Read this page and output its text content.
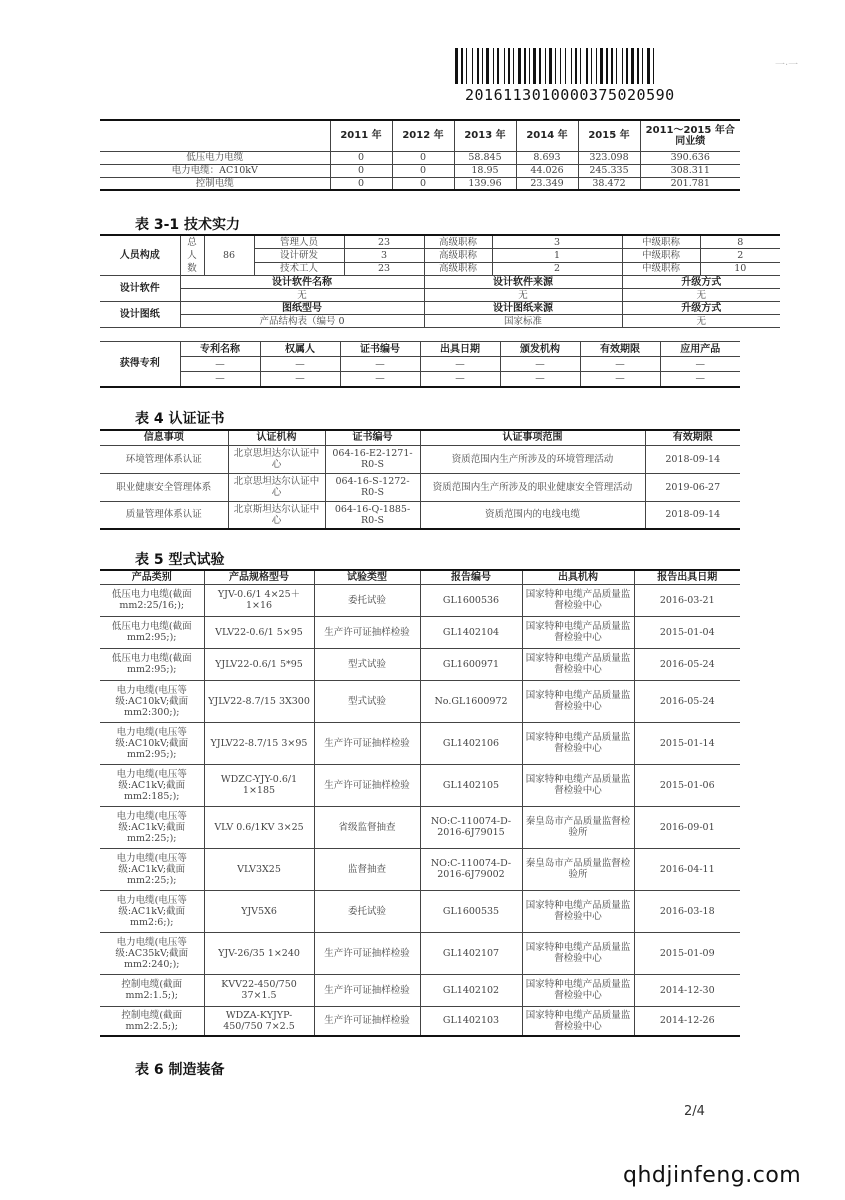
2016113010000375020590
一·一
	2011 年	2012 年	2013 年	2014 年	2015 年	2011～2015 年合同业绩
低压电力电缆	0	0	58.845	8.693	323.098	390.636
电力电缆：AC10kV	0	0	18.95	44.026	245.335	308.311
控制电缆	0	0	139.96	23.349	38.472	201.781
表 3-1 技术实力
人员构成	总
人
数	86	管理人员	23	高级职称	3	中级职称	8
			设计研发	3	高级职称	1	中级职称	2
			技术工人	23	高级职称	2	中级职称	10
设计软件	设计软件名称				设计软件来源		升级方式	
	无				无		无	
设计图纸	图纸型号				设计图纸来源		升级方式	
	产品结构表（编号 0				国家标准		无	
获得专利	专利名称	权属人	证书编号	出具日期	颁发机构	有效期限	应用产品
	—	—	—	—	—	—	—
	—	—	—	—	—	—	—
表 4 认证证书
信息事项	认证机构	证书编号	认证事项范围	有效期限
环境管理体系认证	北京思坦达尔认证中心	064-16-E2-1271-R0-S	资质范围内生产所涉及的环境管理活动	2018-09-14
职业健康安全管理体系	北京思坦达尔认证中心	064-16-S-1272-R0-S	资质范围内生产所涉及的职业健康安全管理活动	2019-06-27
质量管理体系认证	北京斯坦达尔认证中心	064-16-Q-1885-R0-S	资质范围内的电线电缆	2018-09-14
表 5 型式试验
产品类别	产品规格型号	试验类型	报告编号	出具机构	报告出具日期
低压电力电缆(截面mm2:25/16;);	YJV-0.6/1 4×25＋1×16	委托试验	GL1600536	国家特种电缆产品质量监督检验中心	2016-03-21
低压电力电缆(截面mm2:95;);	VLV22-0.6/1 5×95	生产许可证抽样检验	GL1402104	国家特种电缆产品质量监督检验中心	2015-01-04
低压电力电缆(截面mm2:95;);	YJLV22-0.6/1 5*95	型式试验	GL1600971	国家特种电缆产品质量监督检验中心	2016-05-24
电力电缆(电压等级:AC10kV;截面mm2:300;);	YJLV22-8.7/15 3X300	型式试验	No.GL1600972	国家特种电缆产品质量监督检验中心	2016-05-24
电力电缆(电压等级:AC10kV;截面mm2:95;);	YJLV22-8.7/15 3×95	生产许可证抽样检验	GL1402106	国家特种电缆产品质量监督检验中心	2015-01-14
电力电缆(电压等级:AC1kV;截面mm2:185;);	WDZC-YJY-0.6/1 1×185	生产许可证抽样检验	GL1402105	国家特种电缆产品质量监督检验中心	2015-01-06
电力电缆(电压等级:AC1kV;截面mm2:25;);	VLV 0.6/1KV 3×25	省级监督抽查	NO:C-110074-D-2016-6J79015	秦皇岛市产品质量监督检验所	2016-09-01
电力电缆(电压等级:AC1kV;截面mm2:25;);	VLV3X25	监督抽查	NO:C-110074-D-2016-6J79002	秦皇岛市产品质量监督检验所	2016-04-11
电力电缆(电压等级:AC1kV;截面mm2:6;);	YJV5X6	委托试验	GL1600535	国家特种电缆产品质量监督检验中心	2016-03-18
电力电缆(电压等级:AC35kV;截面mm2:240;);	YJV-26/35 1×240	生产许可证抽样检验	GL1402107	国家特种电缆产品质量监督检验中心	2015-01-09
控制电缆(截面mm2:1.5;);	KVV22-450/750 37×1.5	生产许可证抽样检验	GL1402102	国家特种电缆产品质量监督检验中心	2014-12-30
控制电缆(截面mm2:2.5;);	WDZA-KYJYP-450/750 7×2.5	生产许可证抽样检验	GL1402103	国家特种电缆产品质量监督检验中心	2014-12-26
表 6 制造装备
2/4
qhdjinfeng.com
